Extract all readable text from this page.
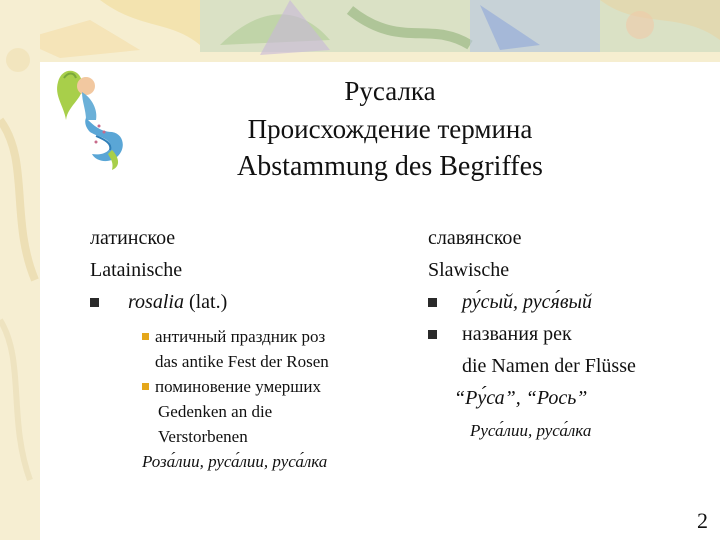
Русалка
Происхождение термина
Abstammung des Begriffes
латинское
Latainische
rosalia (lat.)
античный праздник роз
das antike Fest der Rosen
поминовение умерших
Gedenken an die
Verstorbenen
Роза́лии, руса́лии, руса́лка
славянское
Slawische
ру́сый, руся́вый
названия рек
die Namen der Flüsse
“Ру́са”, “Рось”
Руса́лии, руса́лка
2
